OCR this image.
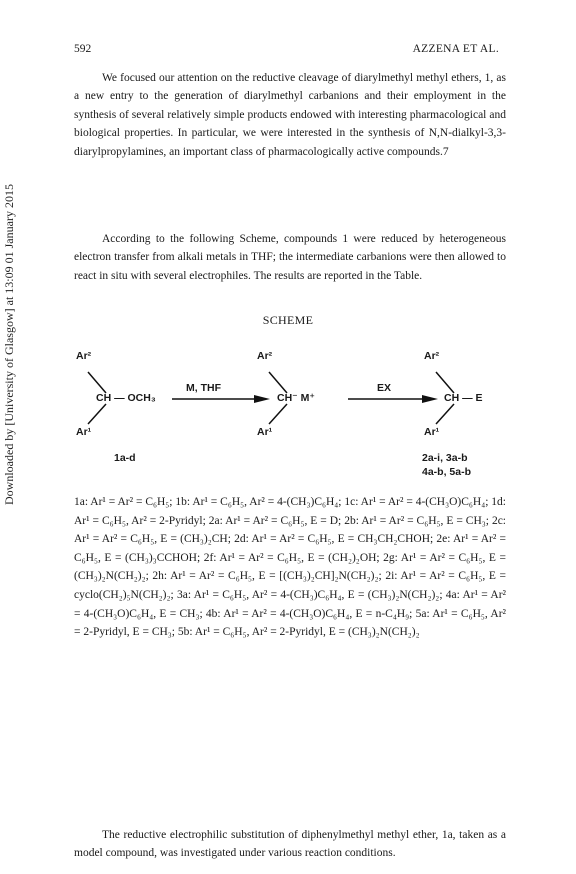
Downloaded by [University of Glasgow] at 13:09 01 January 2015
592	AZZENA ET AL.

We focused our attention on the reductive cleavage of diarylmethyl methyl ethers, 1, as a new entry to the generation of diarylmethyl carbanions and their employment in the synthesis of several relatively simple products endowed with interesting pharmacological and biological properties. In particular, we were interested in the synthesis of N,N-dialkyl-3,3-diarylpropylamines, an important class of pharmacologically active compounds.7

According to the following Scheme, compounds 1 were reduced by heterogeneous electron transfer from alkali metals in THF; the intermediate carbanions were then allowed to react in situ with several electrophiles. The results are reported in the Table.

SCHEME
Ar²
CH — OCH₃
Ar¹
1a-d
M, THF
Ar²
CH⁻ M⁺
Ar¹
EX
Ar²
CH — E
Ar¹
2a-i, 3a-b
4a-b, 5a-b
1a: Ar¹ = Ar² = C₆H₅; 1b: Ar¹ = C₆H₅, Ar² = 4-(CH₃)C₆H₄; 1c: Ar¹ = Ar² = 4-(CH₃O)C₆H₄; 1d: Ar¹ = C₆H₅, Ar² = 2-Pyridyl; 2a: Ar¹ = Ar² = C₆H₅, E = D; 2b: Ar¹ = Ar² = C₆H₅, E = CH₃; 2c: Ar¹ = Ar² = C₆H₅, E = (CH₃)₂CH; 2d: Ar¹ = Ar² = C₆H₅, E = CH₃CH₂CHOH; 2e: Ar¹ = Ar² = C₆H₅, E = (CH₃)₃CCHOH; 2f: Ar¹ = Ar² = C₆H₅, E = (CH₂)₂OH; 2g: Ar¹ = Ar² = C₆H₅, E = (CH₃)₂N(CH₂)₂; 2h: Ar¹ = Ar² = C₆H₅, E = [(CH₃)₂CH]₂N(CH₂)₂; 2i: Ar¹ = Ar² = C₆H₅, E = cyclo(CH₂)₅N(CH₂)₂; 3a: Ar¹ = C₆H₅, Ar² = 4-(CH₃)C₆H₄, E = (CH₃)₂N(CH₂)₂; 4a: Ar¹ = Ar² = 4-(CH₃O)C₆H₄, E = CH₃; 4b: Ar¹ = Ar² = 4-(CH₃O)C₆H₄, E = n-C₄H₉; 5a: Ar¹ = C₆H₅, Ar² = 2-Pyridyl, E = CH₃; 5b: Ar¹ = C₆H₅, Ar² = 2-Pyridyl, E = (CH₃)₂N(CH₂)₂

The reductive electrophilic substitution of diphenylmethyl methyl ether, 1a, taken as a model compound, was investigated under various reaction conditions.
